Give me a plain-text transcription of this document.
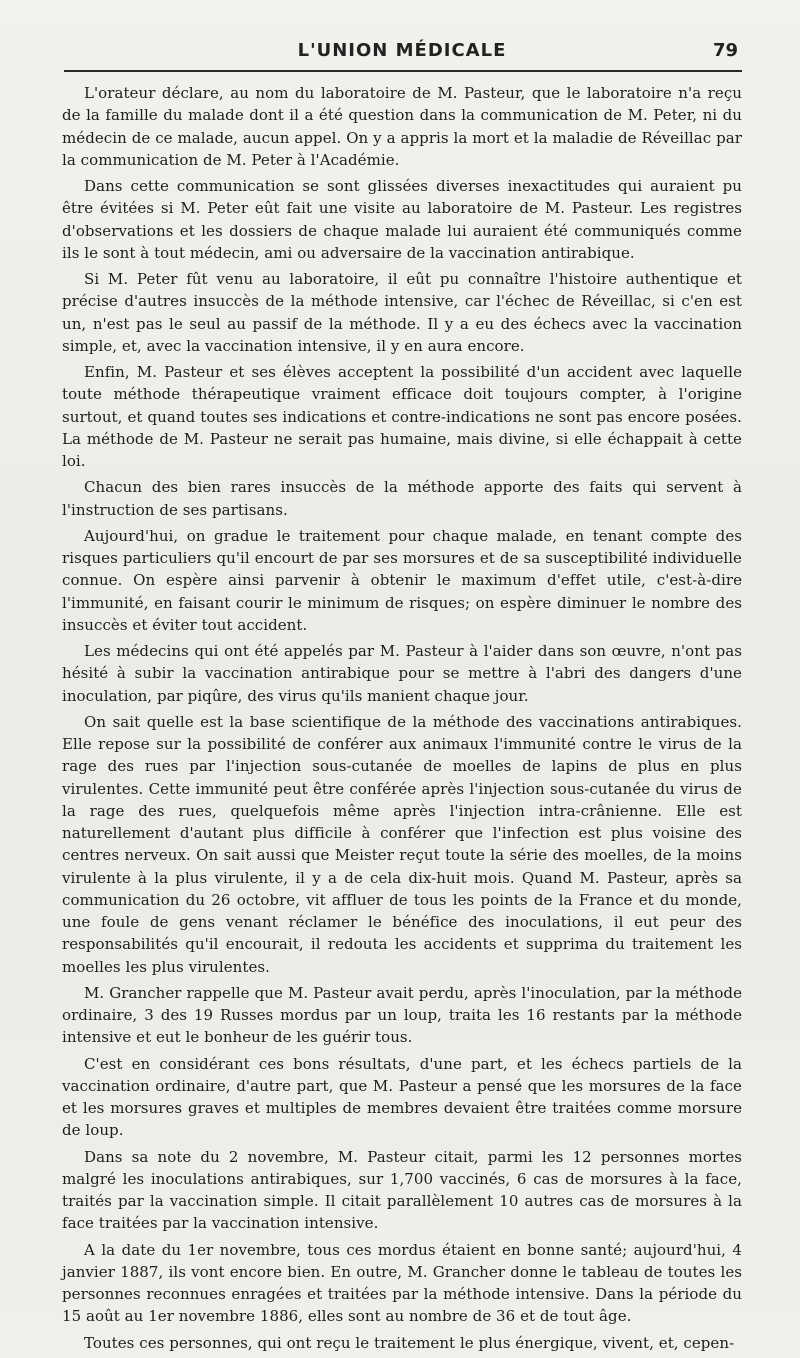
L'UNION MÉDICALE	79

L'orateur déclare, au nom du laboratoire de M. Pasteur, que le laboratoire n'a reçu de la famille du malade dont il a été question dans la communication de M. Peter, ni du médecin de ce malade, aucun appel. On y a appris la mort et la maladie de Réveillac par la communication de M. Peter à l'Académie.

Dans cette communication se sont glissées diverses inexactitudes qui auraient pu être évitées si M. Peter eût fait une visite au laboratoire de M. Pasteur. Les registres d'observations et les dossiers de chaque malade lui auraient été communiqués comme ils le sont à tout médecin, ami ou adversaire de la vaccination antirabique.

Si M. Peter fût venu au laboratoire, il eût pu connaître l'histoire authentique et précise d'autres insuccès de la méthode intensive, car l'échec de Réveillac, si c'en est un, n'est pas le seul au passif de la méthode. Il y a eu des échecs avec la vaccination simple, et, avec la vaccination intensive, il y en aura encore.

Enfin, M. Pasteur et ses élèves acceptent la possibilité d'un accident avec laquelle toute méthode thérapeutique vraiment efficace doit toujours compter, à l'origine surtout, et quand toutes ses indications et contre-indications ne sont pas encore posées. La méthode de M. Pasteur ne serait pas humaine, mais divine, si elle échappait à cette loi.

Chacun des bien rares insuccès de la méthode apporte des faits qui servent à l'instruction de ses partisans.

Aujourd'hui, on gradue le traitement pour chaque malade, en tenant compte des risques particuliers qu'il encourt de par ses morsures et de sa susceptibilité individuelle connue. On espère ainsi parvenir à obtenir le maximum d'effet utile, c'est-à-dire l'immunité, en faisant courir le minimum de risques; on espère diminuer le nombre des insuccès et éviter tout accident.

Les médecins qui ont été appelés par M. Pasteur à l'aider dans son œuvre, n'ont pas hésité à subir la vaccination antirabique pour se mettre à l'abri des dangers d'une inoculation, par piqûre, des virus qu'ils manient chaque jour.

On sait quelle est la base scientifique de la méthode des vaccinations antirabiques. Elle repose sur la possibilité de conférer aux animaux l'immunité contre le virus de la rage des rues par l'injection sous-cutanée de moelles de lapins de plus en plus virulentes. Cette immunité peut être conférée après l'injection sous-cutanée du virus de la rage des rues, quelquefois même après l'injection intra-crânienne. Elle est naturellement d'autant plus difficile à conférer que l'infection est plus voisine des centres nerveux. On sait aussi que Meister reçut toute la série des moelles, de la moins virulente à la plus virulente, il y a de cela dix-huit mois. Quand M. Pasteur, après sa communication du 26 octobre, vit affluer de tous les points de la France et du monde, une foule de gens venant réclamer le bénéfice des inoculations, il eut peur des responsabilités qu'il encourait, il redouta les accidents et supprima du traitement les moelles les plus virulentes.

M. Grancher rappelle que M. Pasteur avait perdu, après l'inoculation, par la méthode ordinaire, 3 des 19 Russes mordus par un loup, traita les 16 restants par la méthode intensive et eut le bonheur de les guérir tous.

C'est en considérant ces bons résultats, d'une part, et les échecs partiels de la vaccination ordinaire, d'autre part, que M. Pasteur a pensé que les morsures de la face et les morsures graves et multiples de membres devaient être traitées comme morsure de loup.

Dans sa note du 2 novembre, M. Pasteur citait, parmi les 12 personnes mortes malgré les inoculations antirabiques, sur 1,700 vaccinés, 6 cas de morsures à la face, traités par la vaccination simple. Il citait parallèlement 10 autres cas de morsures à la face traitées par la vaccination intensive.

A la date du 1er novembre, tous ces mordus étaient en bonne santé; aujourd'hui, 4 janvier 1887, ils vont encore bien. En outre, M. Grancher donne le tableau de toutes les personnes reconnues enragées et traitées par la méthode intensive. Dans la période du 15 août au 1er novembre 1886, elles sont au nombre de 36 et de tout âge.

Toutes ces personnes, qui ont reçu le traitement le plus énergique, vivent, et, cepen-
